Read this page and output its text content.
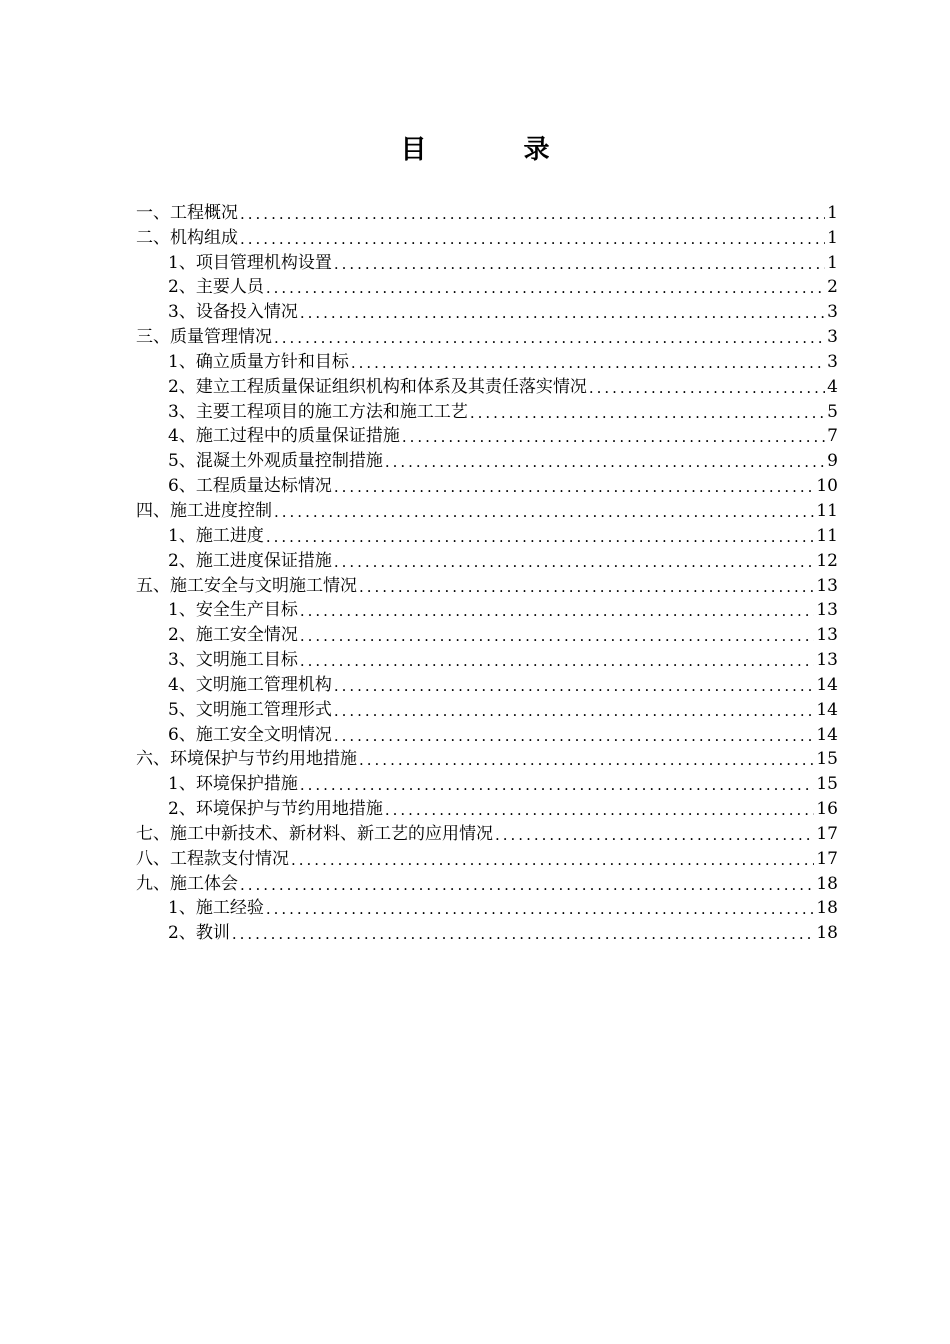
目 录
一、工程概况 .....	1
二、机构组成 .....	1
1、项目管理机构设置 .....	1
2、主要人员 .....	2
3、设备投入情况 .....	3
三、质量管理情况 .....	3
1、确立质量方针和目标 .....	3
2、建立工程质量保证组织机构和体系及其责任落实情况 .....	4
3、主要工程项目的施工方法和施工工艺 .....	5
4、施工过程中的质量保证措施 .....	7
5、混凝土外观质量控制措施 .....	9
6、工程质量达标情况 .....	10
四、施工进度控制 .....	11
1、施工进度 .....	11
2、施工进度保证措施 .....	12
五、施工安全与文明施工情况 .....	13
1、安全生产目标 .....	13
2、施工安全情况 .....	13
3、文明施工目标 .....	13
4、文明施工管理机构 .....	14
5、文明施工管理形式 .....	14
6、施工安全文明情况 .....	14
六、环境保护与节约用地措施 .....	15
1、环境保护措施 .....	15
2、环境保护与节约用地措施 .....	16
七、施工中新技术、新材料、新工艺的应用情况 .....	17
八、工程款支付情况 .....	17
九、施工体会 .....	18
1、施工经验 .....	18
2、教训 .....	18
